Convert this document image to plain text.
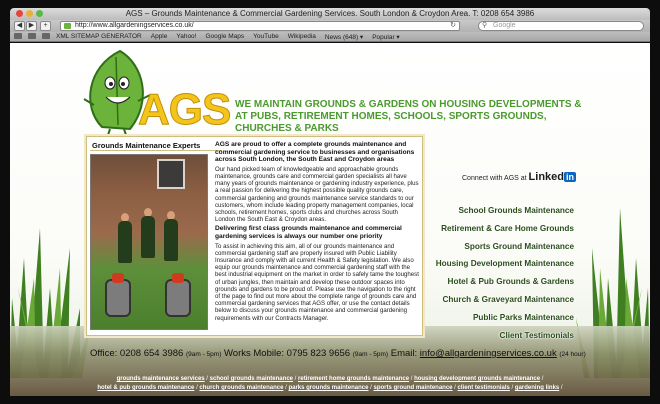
AGS – Grounds Maintenance & Commercial Gardening Services. South London & Croydon Area. T: 0208 654 3986
◀ ▶	+	http://www.allgardeningservices.co.uk/	↻	⚲ Google
XML SITEMAP GENERATOR Apple Yahoo! Google Maps YouTube Wikipedia News (648) ▾ Popular ▾
AGS WE MAINTAIN GROUNDS & GARDENS ON HOUSING DEVELOPMENTS & AT PUBS, RETIREMENT HOMES, SCHOOLS, SPORTS GROUNDS, CHURCHES & PARKS
Grounds Maintenance Experts	AGS are proud to offer a complete grounds maintenance and commercial gardening service to businesses and organisations across South London, the South East and Croydon areas

Our hand picked team of knowledgeable and approachable grounds maintenance, grounds care and commercial garden specialists all have many years of grounds maintenance or gardening industry experience, plus a real passion for delivering the highest possible quality grounds care, commercial gardening and grounds maintenance service standards to our customers, whom include leading property management companies, local schools, retirement homes, sports clubs and churches across South London the South East & Croydon areas.

Delivering first class grounds maintenance and commercial gardening services is always our number one priority

To assist in achieving this aim, all of our grounds maintenance and commercial gardening staff are properly insured with Public Liability Insurance and comply with all current Health & Safety legislation. We also equip our grounds maintenance and commercial gardening staff with the best industrial equipment on the market in order to safely tame the toughest of urban jungles, then maintain and develop these outdoor spaces into grounds and gardens to be proud of. Please use the navigation to the right of the page to find out more about the complete range of grounds care and commercial gardening services that AGS offer, or use the contact details below to discuss your grounds maintenance and commercial gardening requirements with our Contracts Manager.

Connect with AGS at Linked in
School Grounds Maintenance
Retirement & Care Home Grounds
Sports Ground Maintenance
Housing Development Maintenance
Hotel & Pub Grounds & Gardens
Church & Graveyard Maintenance
Public Parks Maintenance
Client Testimonials
Office: 0208 654 3986 (9am - 5pm) Works Mobile: 0795 823 9656 (9am - 5pm) Email: info@allgardeningservices.co.uk (24 hour)
grounds maintenance services / school grounds maintenance / retirement home grounds maintenance / housing development grounds maintenance /
hotel & pub grounds maintenance / church grounds maintenance / parks grounds maintenance / sports ground maintenance / client testimonials / gardening links /
